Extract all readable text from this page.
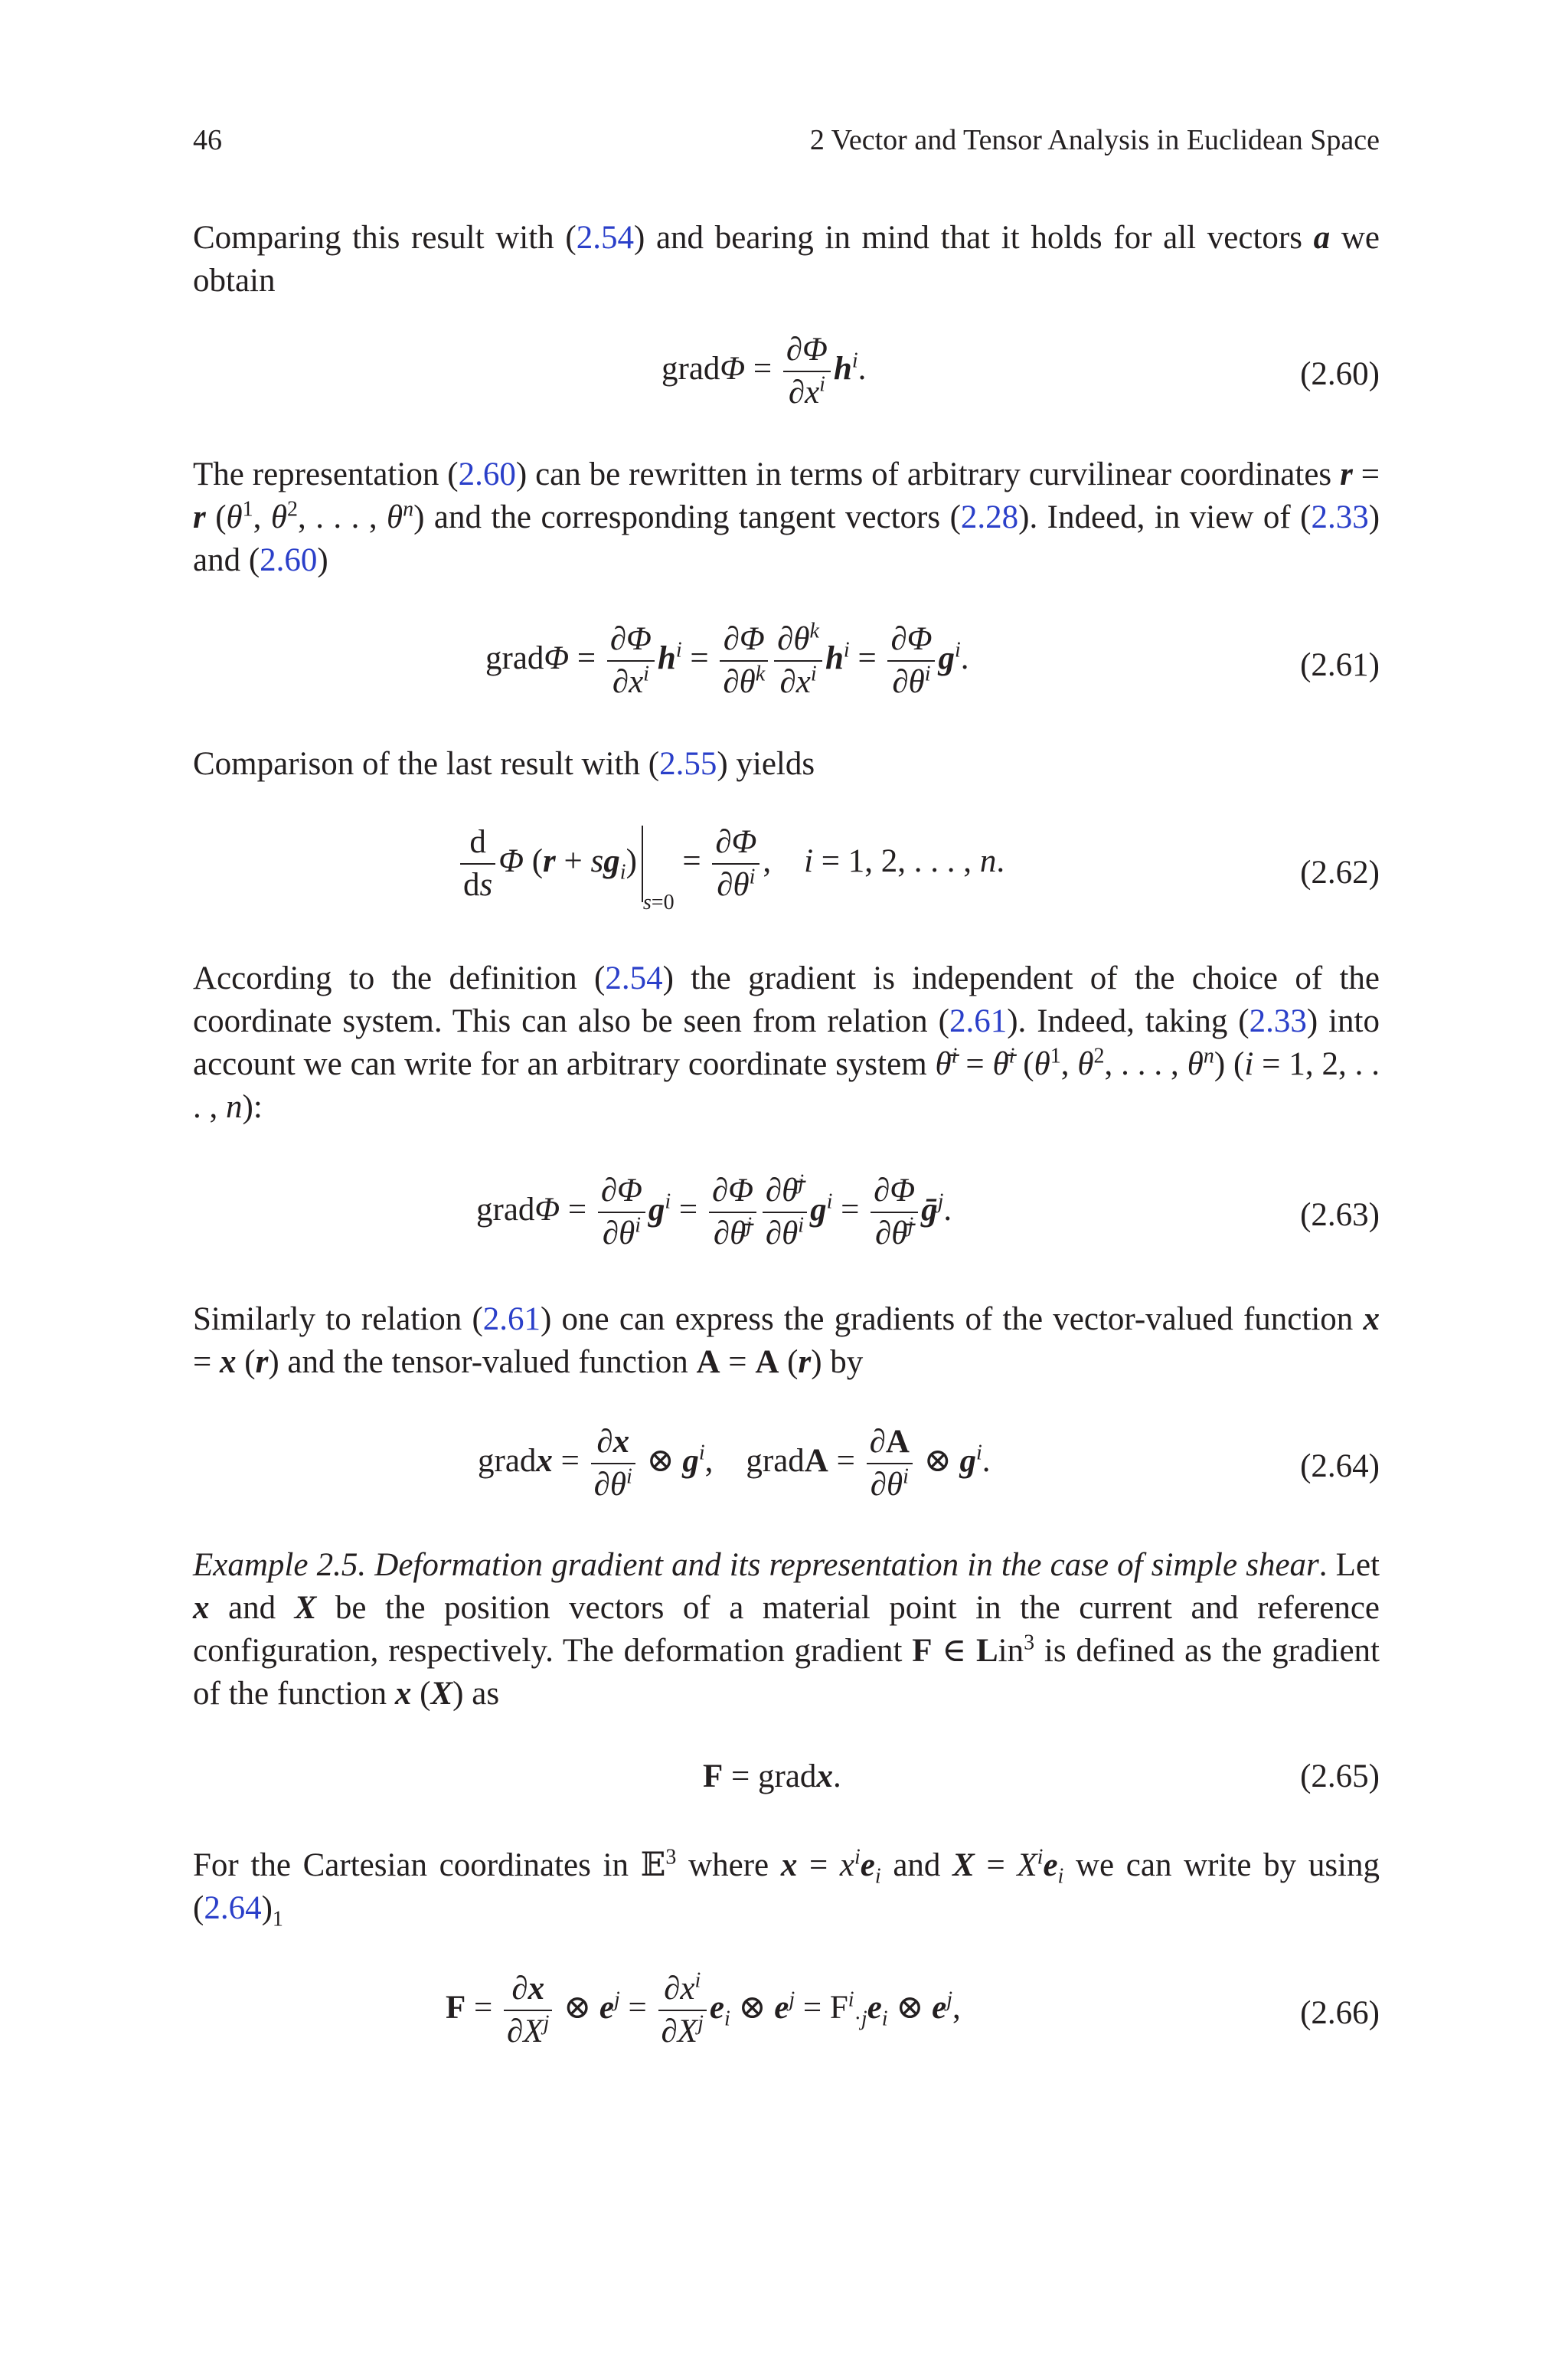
46	2 Vector and Tensor Analysis in Euclidean Space
Comparing this result with (2.54) and bearing in mind that it holds for all vectors a we obtain
gradΦ = $\frac{\partial\Phi}{\partial x^i} h^i$.	(2.60)
The representation (2.60) can be rewritten in terms of arbitrary curvilinear coordinates r = r ($\theta^1$, $\theta^2$, . . . , $\theta^n$) and the corresponding tangent vectors (2.28). Indeed, in view of (2.33) and (2.60)
gradΦ = $\frac{\partial\Phi}{\partial x^i} h^i = \frac{\partial\Phi}{\partial\theta^k} \frac{\partial\theta^k}{\partial x^i} h^i = \frac{\partial\Phi}{\partial\theta^i} g^i$.	(2.61)
Comparison of the last result with (2.55) yields
$\frac{d}{ds}$ Φ $(r + sg_i)_{s=0} = \frac{\partial\Phi}{\partial\theta^i}$ ,    i = 1, 2, . . . , n.	(2.62)
According to the definition (2.54) the gradient is independent of the choice of the coordinate system. This can also be seen from relation (2.61). Indeed, taking (2.33) into account we can write for an arbitrary coordinate system θ̄$^i$ = θ̄$^i$ ($\theta^1$, $\theta^2$, . . . , $\theta^n$) (i = 1, 2, . . . , n):
gradΦ = $\frac{\partial\Phi}{\partial\theta^i} g^i = \frac{\partial\Phi}{\partial\thetā^j} \frac{\partial\thetā^j}{\partial\theta^i} g^i = \frac{\partial\Phi}{\partial\thetā^j}$ ḡ$^j$.	(2.63)
Similarly to relation (2.61) one can express the gradients of the vector-valued function x = x (r) and the tensor-valued function A = A (r) by
gradx = $\frac{\partial x}{\partial\theta^i}$ ⊗ $g^i$,    gradA = $\frac{\partial A}{\partial\theta^i}$ ⊗ $g^i$.	(2.64)
Example 2.5. Deformation gradient and its representation in the case of simple shear. Let x and X be the position vectors of a material point in the current and reference configuration, respectively. The deformation gradient F ∈ Lin$^3$ is defined as the gradient of the function x (X) as
F = gradx.	(2.65)
For the Cartesian coordinates in 𝔼$^3$ where $x = x^ie_i$ and $X = X^ie_i$ we can write by using $(2.64)_1$
$F = \frac{\partial x}{\partial X^j}$ ⊗ $e^j = \frac{\partial x^i}{\partial X^j} e_i$ ⊗ $e^j = F^i_{\cdot j}e_i$ ⊗ $e^j$,	(2.66)
